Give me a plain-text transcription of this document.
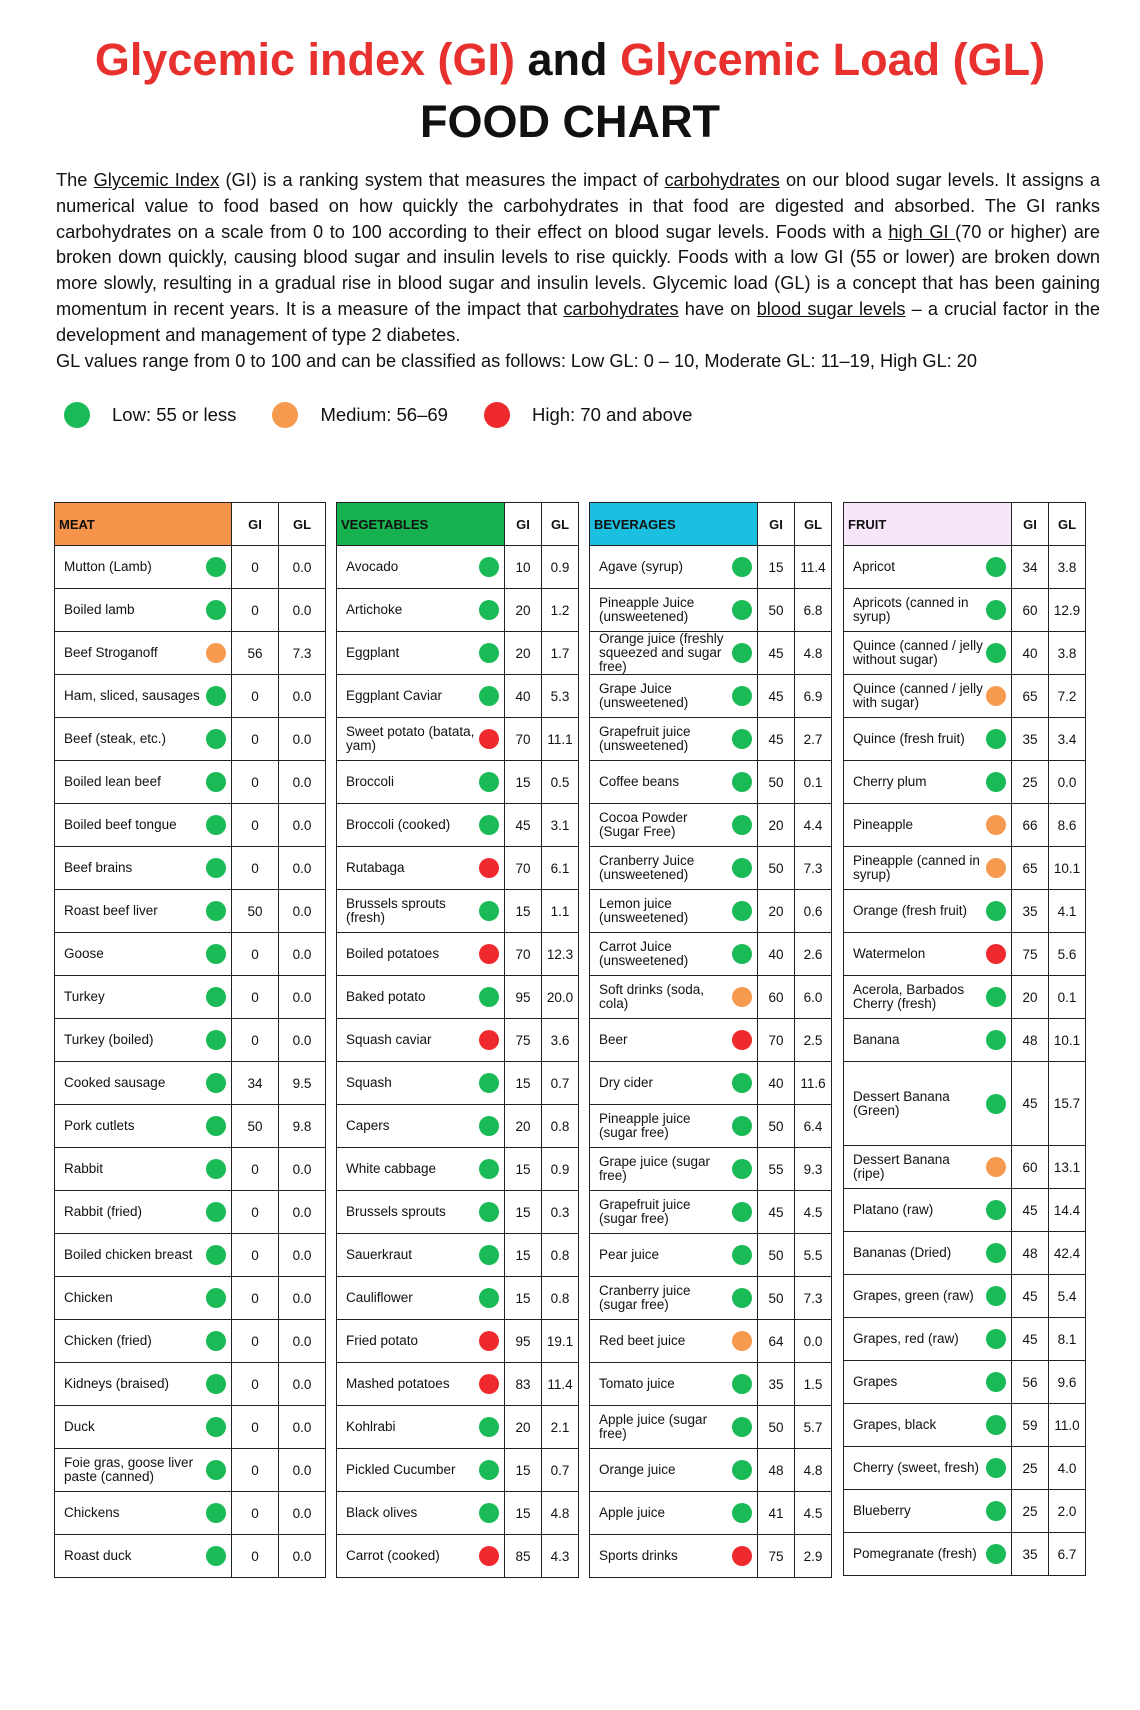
Glycemic index (GI) and Glycemic Load (GL)
FOOD CHART

The Glycemic Index (GI) is a ranking system that measures the impact of carbohydrates on our blood sugar levels. It assigns a numerical value to food based on how quickly the carbohydrates in that food are digested and absorbed. The GI ranks carbohydrates on a scale from 0 to 100 according to their effect on blood sugar levels. Foods with a high GI (70 or higher) are broken down quickly, causing blood sugar and insulin levels to rise quickly. Foods with a low GI (55 or lower) are broken down more slowly, resulting in a gradual rise in blood sugar and insulin levels. Glycemic load (GL) is a concept that has been gaining momentum in recent years. It is a measure of the impact that carbohydrates have on blood sugar levels – a crucial factor in the development and management of type 2 diabetes.

GL values range from 0 to 100 and can be classified as follows: Low GL: 0 – 10, Moderate GL: 11–19, High GL: 20

Low: 55 or less	Medium: 56–69	High: 70 and above
MEAT	GI	GL
Mutton (Lamb)	0	0.0
Boiled lamb	0	0.0
Beef Stroganoff	56	7.3
Ham, sliced, sausages	0	0.0
Beef (steak, etc.)	0	0.0
Boiled lean beef	0	0.0
Boiled beef tongue	0	0.0
Beef brains	0	0.0
Roast beef liver	50	0.0
Goose	0	0.0
Turkey	0	0.0
Turkey (boiled)	0	0.0
Cooked sausage	34	9.5
Pork cutlets	50	9.8
Rabbit	0	0.0
Rabbit (fried)	0	0.0
Boiled chicken breast	0	0.0
Chicken	0	0.0
Chicken (fried)	0	0.0
Kidneys (braised)	0	0.0
Duck	0	0.0
Foie gras, goose liver paste (canned)	0	0.0
Chickens	0	0.0
Roast duck	0	0.0
VEGETABLES	GI	GL
Avocado	10	0.9
Artichoke	20	1.2
Eggplant	20	1.7
Eggplant Caviar	40	5.3
Sweet potato (batata, yam)	70	11.1
Broccoli	15	0.5
Broccoli (cooked)	45	3.1
Rutabaga	70	6.1
Brussels sprouts (fresh)	15	1.1
Boiled potatoes	70	12.3
Baked potato	95	20.0
Squash caviar	75	3.6
Squash	15	0.7
Capers	20	0.8
White cabbage	15	0.9
Brussels sprouts	15	0.3
Sauerkraut	15	0.8
Cauliflower	15	0.8
Fried potato	95	19.1
Mashed potatoes	83	11.4
Kohlrabi	20	2.1
Pickled Cucumber	15	0.7
Black olives	15	4.8
Carrot (cooked)	85	4.3
BEVERAGES	GI	GL
Agave (syrup)	15	11.4
Pineapple Juice (unsweetened)	50	6.8
Orange juice (freshly squeezed and sugar free)	45	4.8
Grape Juice (unsweetened)	45	6.9
Grapefruit juice (unsweetened)	45	2.7
Coffee beans	50	0.1
Cocoa Powder (Sugar Free)	20	4.4
Cranberry Juice (unsweetened)	50	7.3
Lemon juice (unsweetened)	20	0.6
Carrot Juice (unsweetened)	40	2.6
Soft drinks (soda, cola)	60	6.0
Beer	70	2.5
Dry cider	40	11.6
Pineapple juice (sugar free)	50	6.4
Grape juice (sugar free)	55	9.3
Grapefruit juice (sugar free)	45	4.5
Pear juice	50	5.5
Cranberry juice (sugar free)	50	7.3
Red beet juice	64	0.0
Tomato juice	35	1.5
Apple juice (sugar free)	50	5.7
Orange juice	48	4.8
Apple juice	41	4.5
Sports drinks	75	2.9
FRUIT	GI	GL
Apricot	34	3.8
Apricots (canned in syrup)	60	12.9
Quince (canned / jelly without sugar)	40	3.8
Quince (canned / jelly with sugar)	65	7.2
Quince (fresh fruit)	35	3.4
Cherry plum	25	0.0
Pineapple	66	8.6
Pineapple (canned in syrup)	65	10.1
Orange (fresh fruit)	35	4.1
Watermelon	75	5.6
Acerola, Barbados Cherry (fresh)	20	0.1
Banana	48	10.1
Dessert Banana (Green)	45	15.7
Dessert Banana (ripe)	60	13.1
Platano (raw)	45	14.4
Bananas (Dried)	48	42.4
Grapes, green (raw)	45	5.4
Grapes, red (raw)	45	8.1
Grapes	56	9.6
Grapes, black	59	11.0
Cherry (sweet, fresh)	25	4.0
Blueberry	25	2.0
Pomegranate (fresh)	35	6.7
